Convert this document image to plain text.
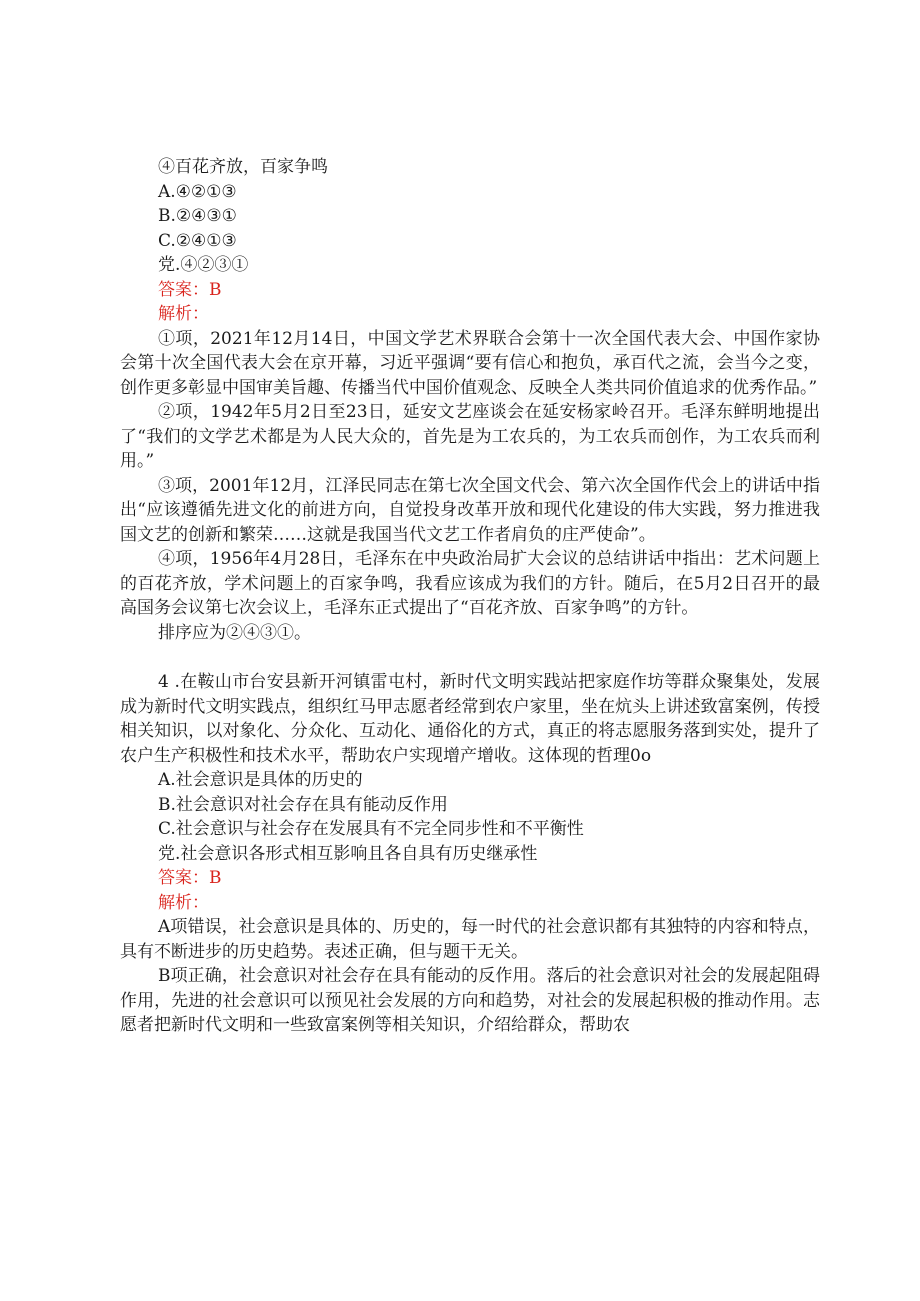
④百花齐放，百家争鸣

A.④②①③

B.②④③①

C.②④①③

党.④②③①

答案：B

解析：

①项，2021年12月14日，中国文学艺术界联合会第十一次全国代表大会、中国作家协会第十次全国代表大会在京开幕，习近平强调“要有信心和抱负，承百代之流，会当今之变，创作更多彰显中国审美旨趣、传播当代中国价值观念、反映全人类共同价值追求的优秀作品。”

②项，1942年5月2日至23日，延安文艺座谈会在延安杨家岭召开。毛泽东鲜明地提出了“我们的文学艺术都是为人民大众的，首先是为工农兵的，为工农兵而创作，为工农兵而利用。”

③项，2001年12月，江泽民同志在第七次全国文代会、第六次全国作代会上的讲话中指出“应该遵循先进文化的前进方向，自觉投身改革开放和现代化建设的伟大实践，努力推进我国文艺的创新和繁荣……这就是我国当代文艺工作者肩负的庄严使命”。

④项，1956年4月28日，毛泽东在中央政治局扩大会议的总结讲话中指出：艺术问题上的百花齐放，学术问题上的百家争鸣，我看应该成为我们的方针。随后，在5月2日召开的最高国务会议第七次会议上，毛泽东正式提出了“百花齐放、百家争鸣”的方针。

排序应为②④③①。

4 .在鞍山市台安县新开河镇雷屯村，新时代文明实践站把家庭作坊等群众聚集处，发展成为新时代文明实践点，组织红马甲志愿者经常到农户家里，坐在炕头上讲述致富案例，传授相关知识，以对象化、分众化、互动化、通俗化的方式，真正的将志愿服务落到实处，提升了农户生产积极性和技术水平，帮助农户实现增产增收。这体现的哲理0o

A.社会意识是具体的历史的

B.社会意识对社会存在具有能动反作用

C.社会意识与社会存在发展具有不完全同步性和不平衡性

党.社会意识各形式相互影响且各自具有历史继承性

答案：B

解析：

A项错误，社会意识是具体的、历史的，每一时代的社会意识都有其独特的内容和特点，具有不断进步的历史趋势。表述正确，但与题干无关。

B项正确，社会意识对社会存在具有能动的反作用。落后的社会意识对社会的发展起阻碍作用，先进的社会意识可以预见社会发展的方向和趋势，对社会的发展起积极的推动作用。志愿者把新时代文明和一些致富案例等相关知识，介绍给群众，帮助农
